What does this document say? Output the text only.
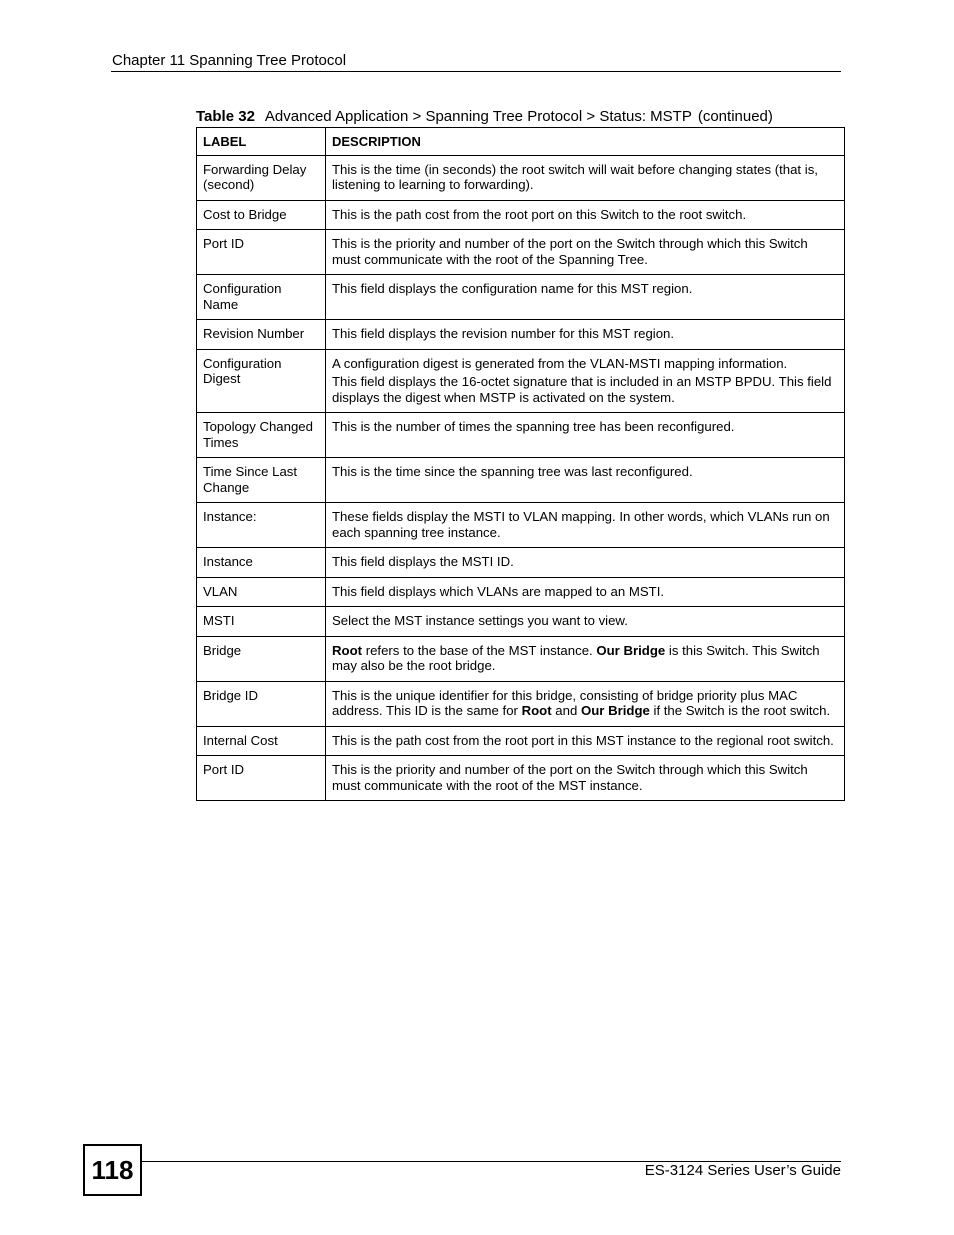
Chapter 11 Spanning Tree Protocol
Table 32 Advanced Application > Spanning Tree Protocol > Status: MSTP (continued)
LABEL	DESCRIPTION
Forwarding Delay (second)	This is the time (in seconds) the root switch will wait before changing states (that is, listening to learning to forwarding).

Cost to Bridge	This is the path cost from the root port on this Switch to the root switch.

Port ID	This is the priority and number of the port on the Switch through which this Switch must communicate with the root of the Spanning Tree.

Configuration Name	This field displays the configuration name for this MST region.

Revision Number	This field displays the revision number for this MST region.

Configuration Digest	A configuration digest is generated from the VLAN-MSTI mapping information.

This field displays the 16-octet signature that is included in an MSTP BPDU. This field displays the digest when MSTP is activated on the system.

Topology Changed Times	This is the number of times the spanning tree has been reconfigured.

Time Since Last Change	This is the time since the spanning tree was last reconfigured.

Instance:	These fields display the MSTI to VLAN mapping. In other words, which VLANs run on each spanning tree instance.

Instance	This field displays the MSTI ID.

VLAN	This field displays which VLANs are mapped to an MSTI.

MSTI	Select the MST instance settings you want to view.

Bridge	Root refers to the base of the MST instance. Our Bridge is this Switch. This Switch may also be the root bridge.

Bridge ID	This is the unique identifier for this bridge, consisting of bridge priority plus MAC address. This ID is the same for Root and Our Bridge if the Switch is the root switch.

Internal Cost	This is the path cost from the root port in this MST instance to the regional root switch.

Port ID	This is the priority and number of the port on the Switch through which this Switch must communicate with the root of the MST instance.

118	ES-3124 Series User’s Guide
